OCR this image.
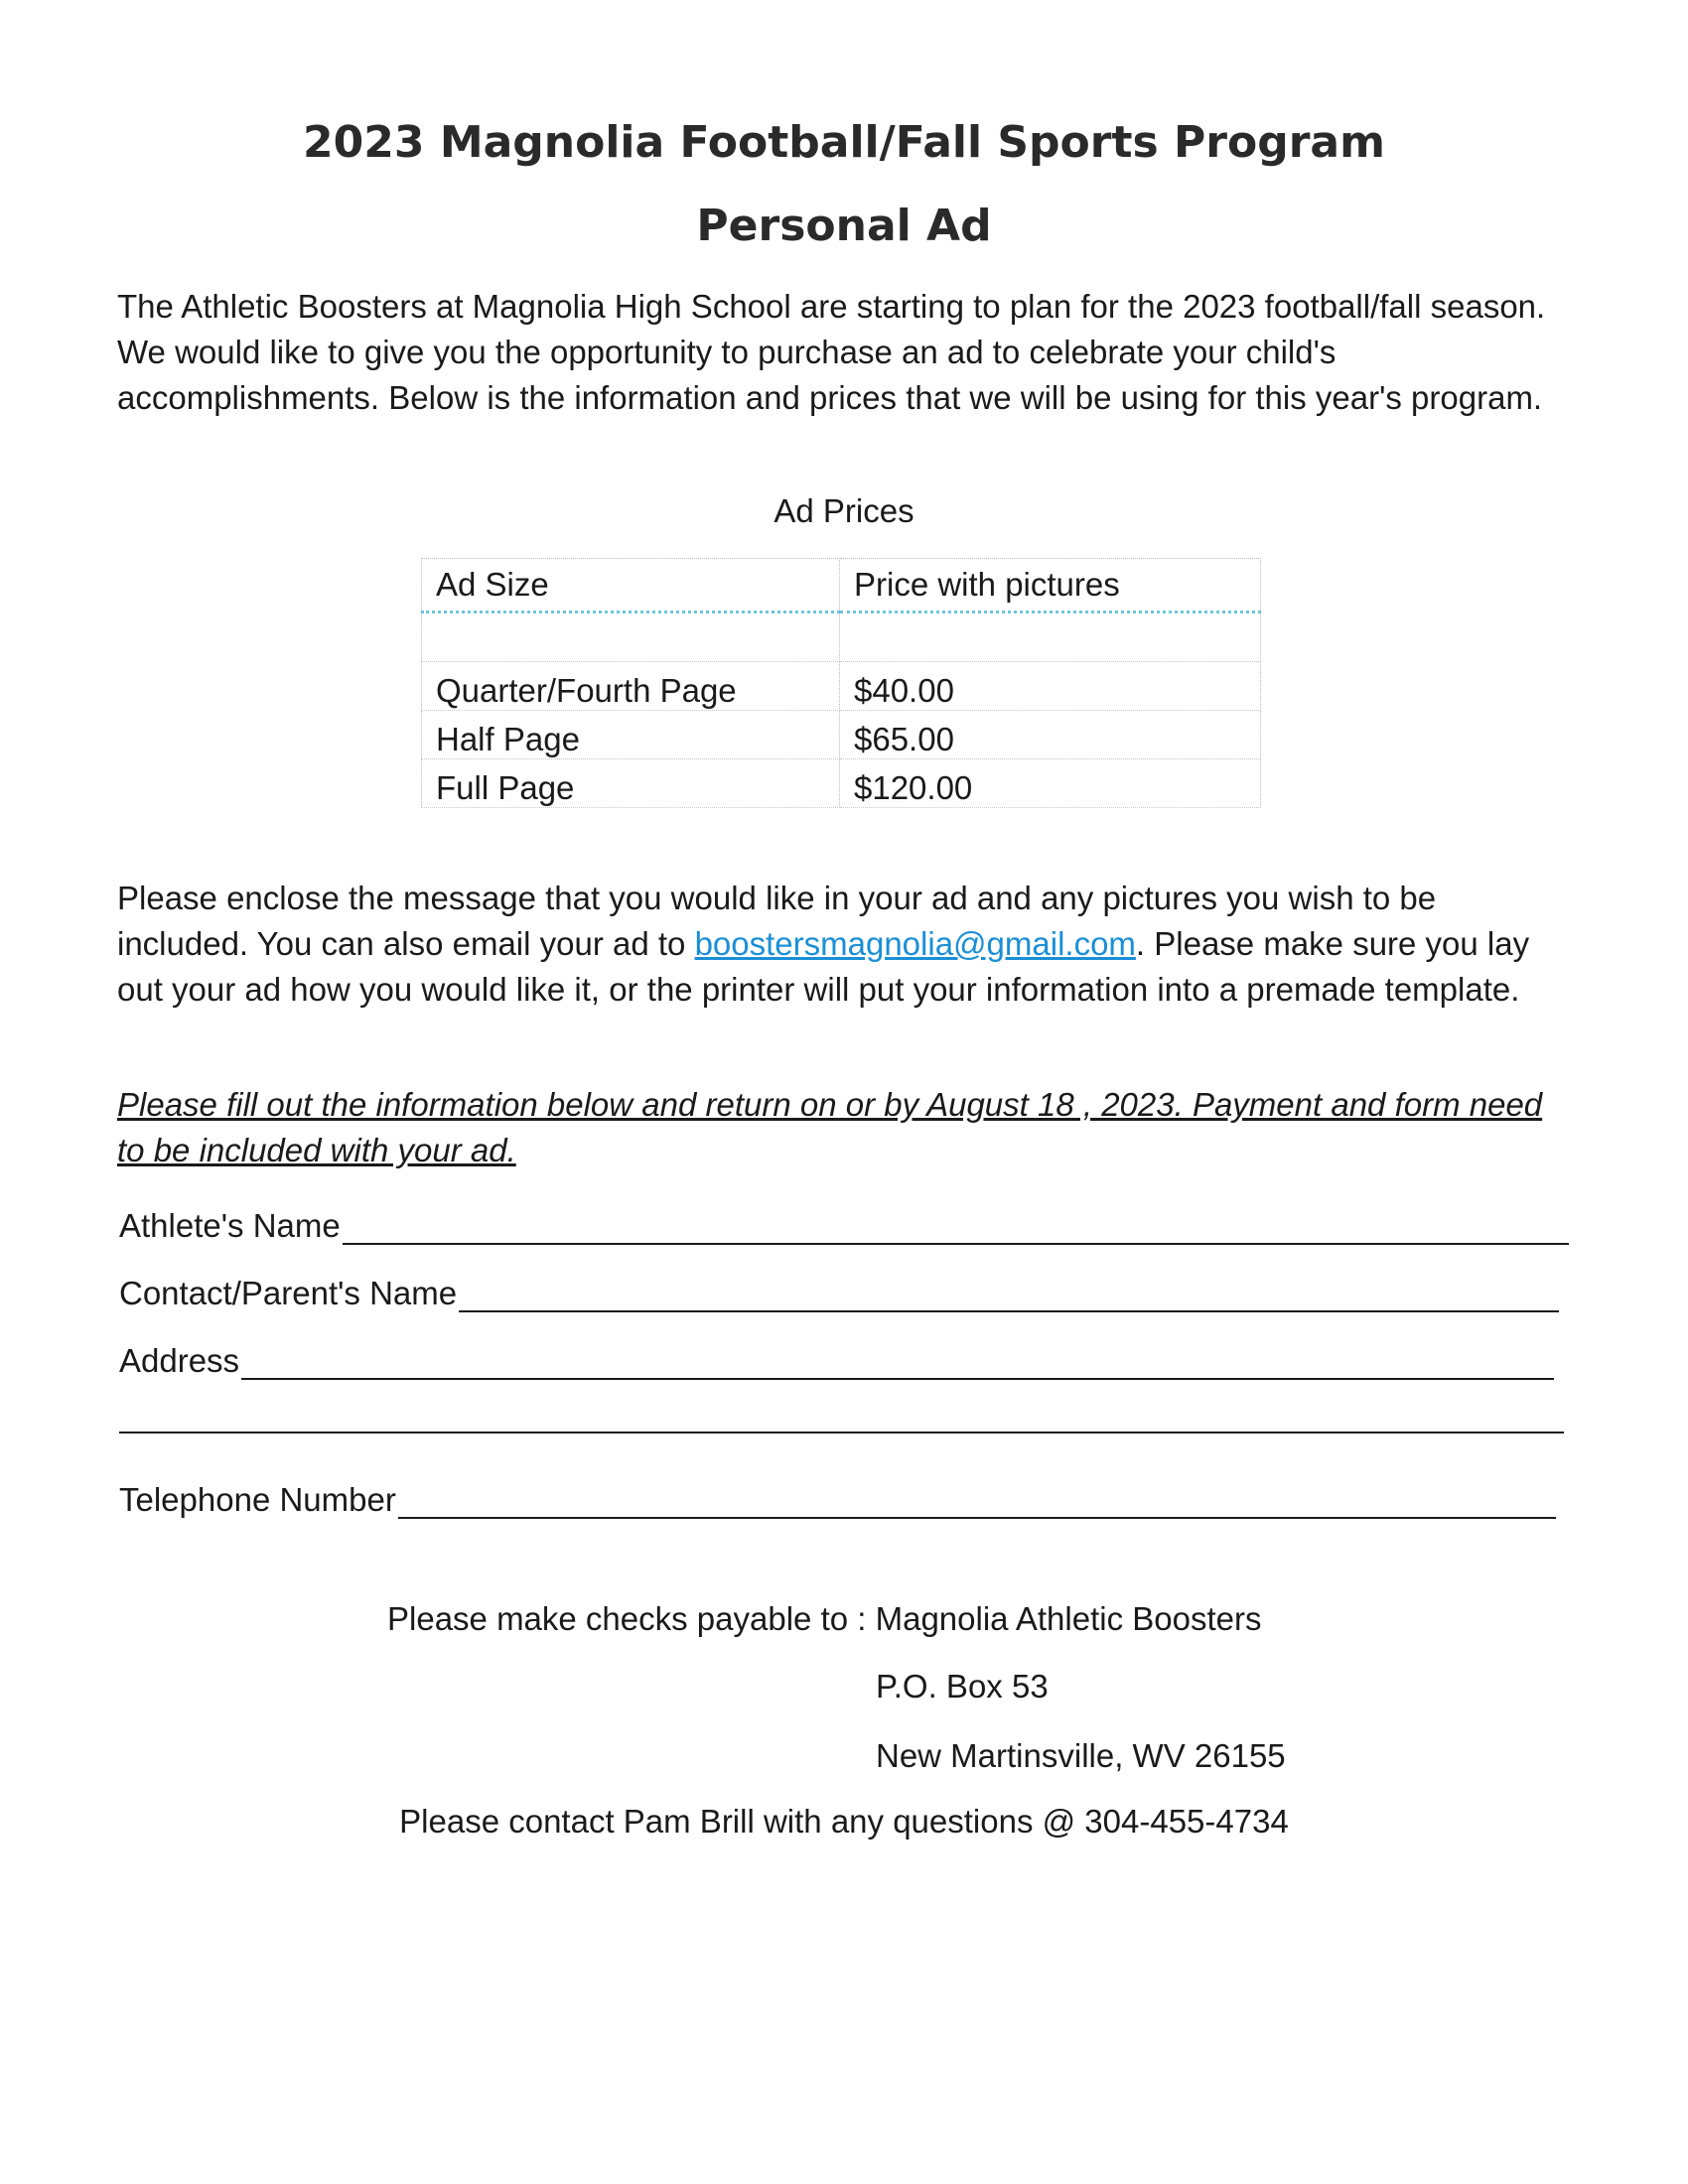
2023 Magnolia Football/Fall Sports Program
Personal Ad

The Athletic Boosters at Magnolia High School are starting to plan for the 2023 football/fall season. We would like to give you the opportunity to purchase an ad to celebrate your child's accomplishments. Below is the information and prices that we will be using for this year's program.

Ad Prices

Ad Size	Price with pictures

Quarter/Fourth Page	$40.00
Half Page	$65.00
Full Page	$120.00

Please enclose the message that you would like in your ad and any pictures you wish to be included. You can also email your ad to boostersmagnolia@gmail.com. Please make sure you lay out your ad how you would like it, or the printer will put your information into a premade template.

Please fill out the information below and return on or by August 18 , 2023. Payment and form need to be included with your ad.

Athlete's Name
Contact/Parent's Name
Address
Telephone Number
Please make checks payable to : Magnolia Athletic Boosters
P.O. Box 53
New Martinsville, WV 26155

Please contact Pam Brill with any questions @ 304-455-4734
